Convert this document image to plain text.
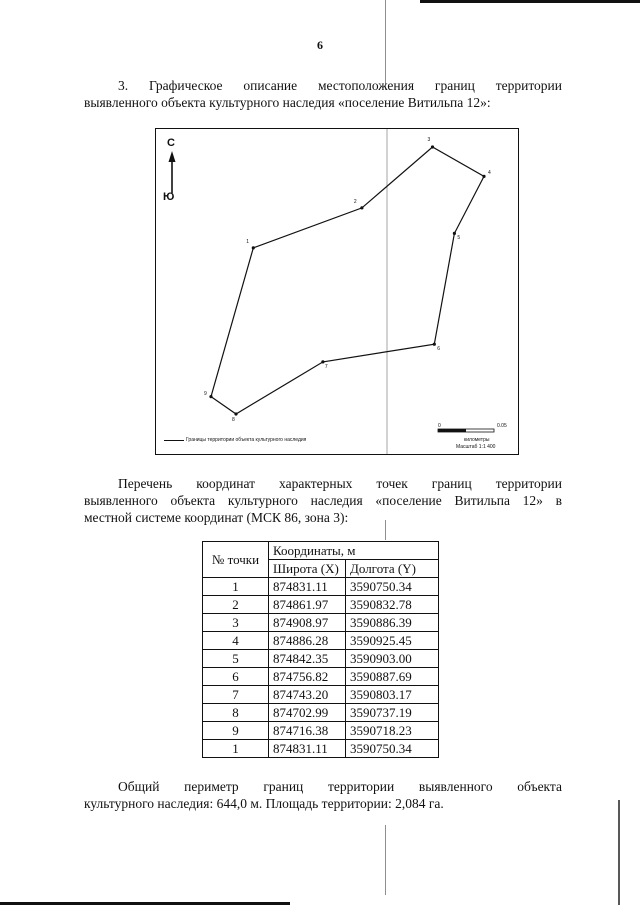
6
3. Графическое описание местоположения границ территории
выявленного объекта культурного наследия «поселение Витильпа 12»:
С
Ю
1
2
3
4
5
6
7
8
9
Границы территории объекта культурного наследия
0	0.05
километры
Масштаб 1:1 400
Перечень координат характерных точек границ территории
выявленного объекта культурного наследия «поселение Витильпа 12» в
местной системе координат (МСК 86, зона 3):
№ точки	Координаты, м	
	Широта (X)	Долгота (Y)
1	874831.11	3590750.34
2	874861.97	3590832.78
3	874908.97	3590886.39
4	874886.28	3590925.45
5	874842.35	3590903.00
6	874756.82	3590887.69
7	874743.20	3590803.17
8	874702.99	3590737.19
9	874716.38	3590718.23
1	874831.11	3590750.34
Общий периметр границ территории выявленного объекта
культурного наследия: 644,0 м. Площадь территории: 2,084 га.
